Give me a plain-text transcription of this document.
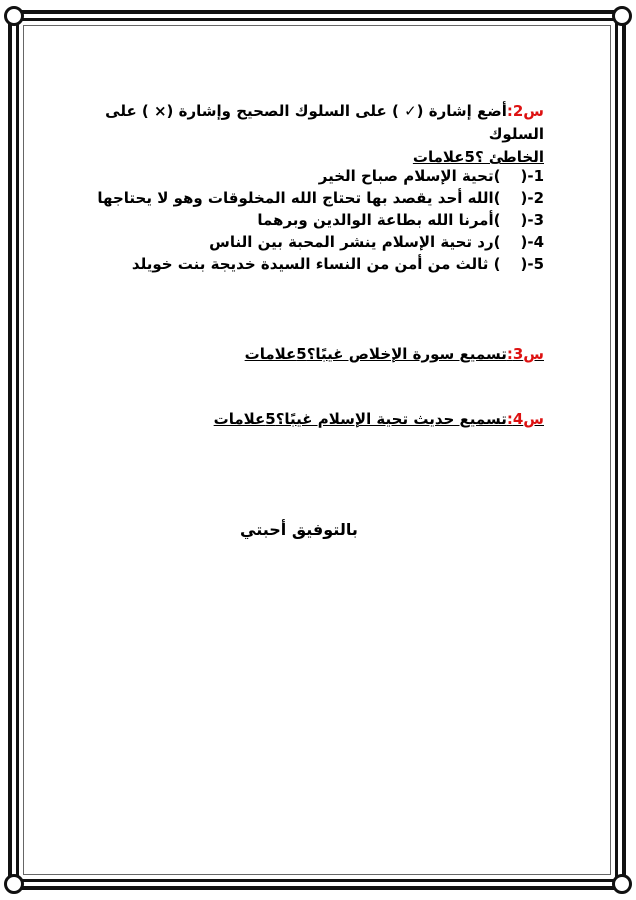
س2:أضع إشارة (✓ ) على السلوك الصحيح وإشارة (× ) على السلوك
الخاطئ ؟5علامات
1-()تحية الإسلام صباح الخير
2-()الله أحد يقصد بها تحتاج الله المخلوقات وهو لا يحتاجها
3-()أمرنا الله بطاعة الوالدين وبرهما
4-()رد تحية الإسلام ينشر المحبة بين الناس
5-() ثالث من أمن من النساء السيدة خديجة بنت خويلد
س3:تسميع سورة الإخلاص غيبًا؟5علامات
س4:تسميع حديث تحية الإسلام غيبًا؟5علامات
بالتوفيق أحبتي
